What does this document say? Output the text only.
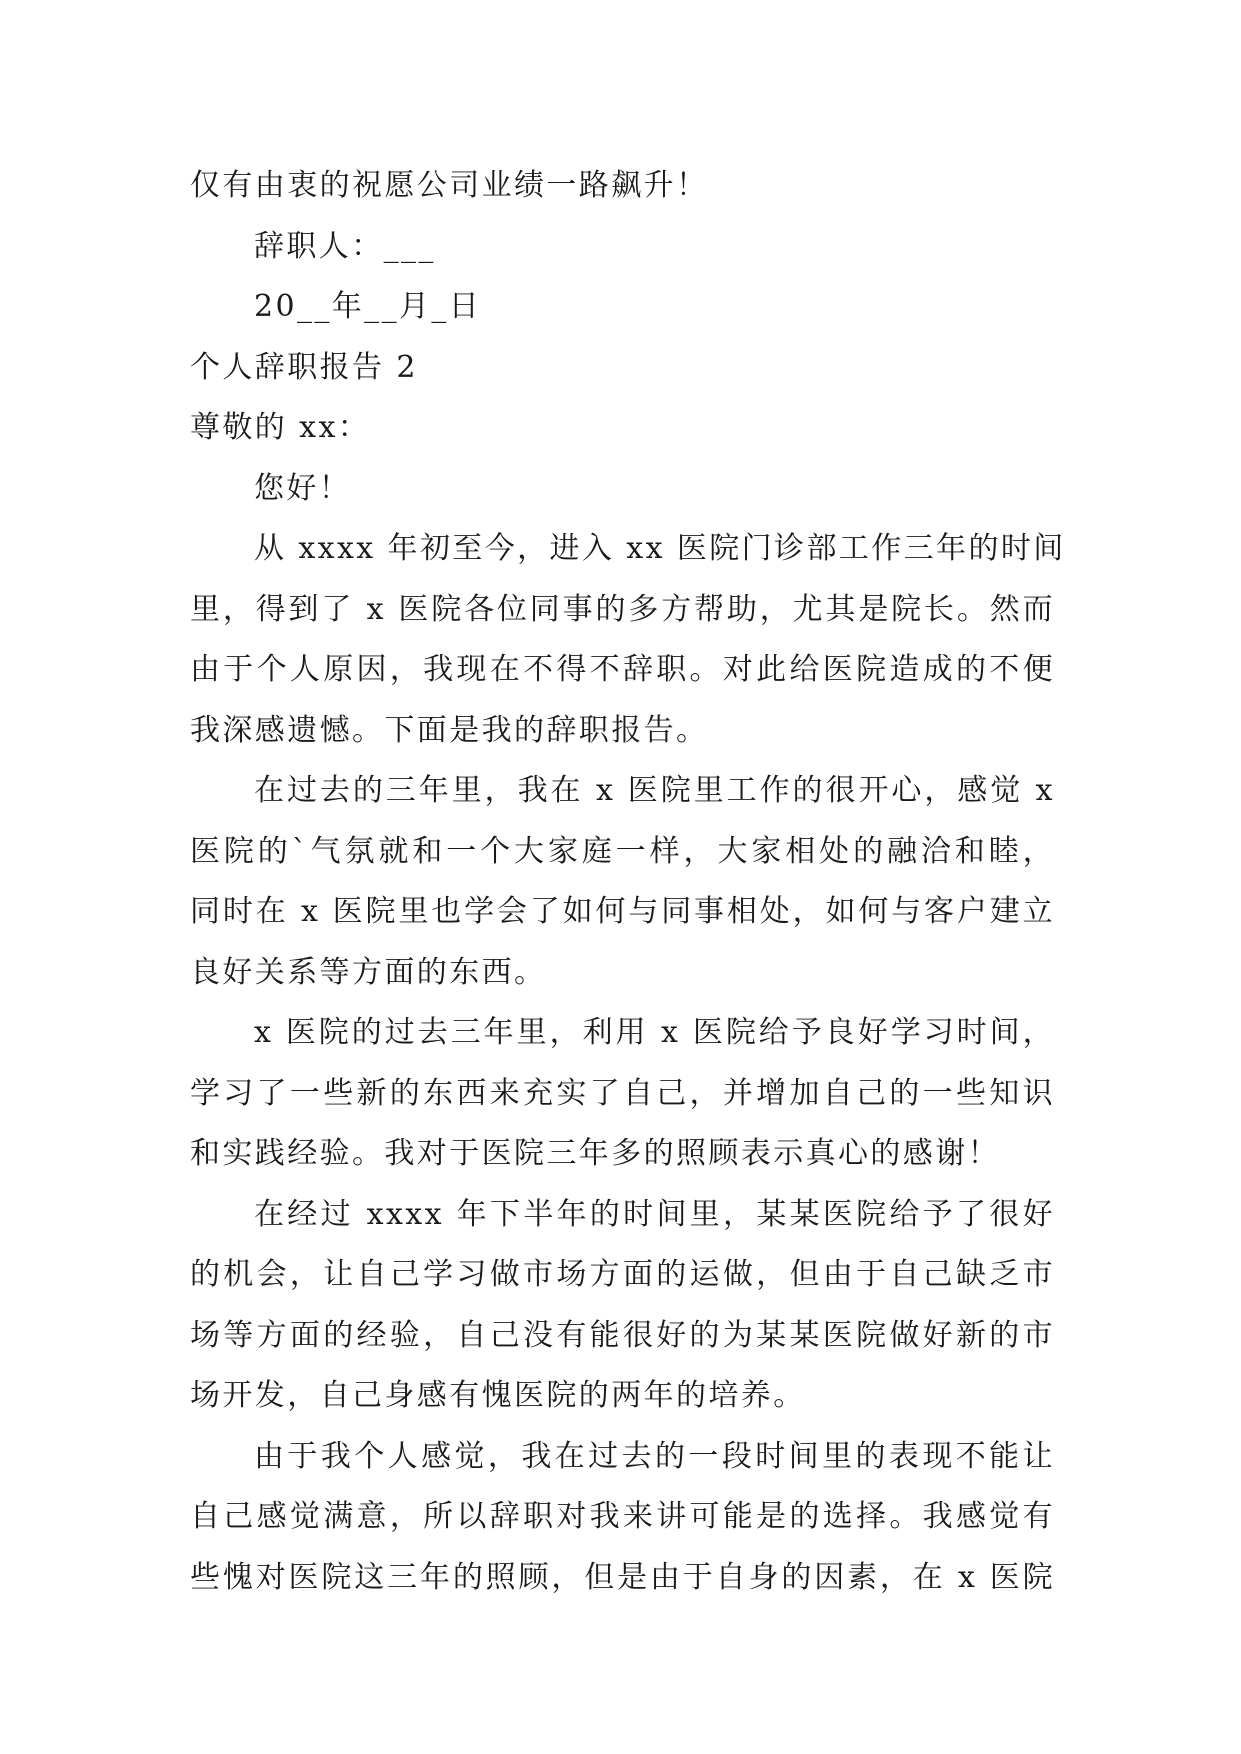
仅有由衷的祝愿公司业绩一路飙升！
辞职人：___
20__年__月_日
个人辞职报告 2
尊敬的 xx：
您好！
从 xxxx 年初至今，进入 xx 医院门诊部工作三年的时间
里，得到了 x 医院各位同事的多方帮助，尤其是院长。然而
由于个人原因，我现在不得不辞职。对此给医院造成的不便
我深感遗憾。下面是我的辞职报告。
在过去的三年里，我在 x 医院里工作的很开心，感觉 x
医院的`气氛就和一个大家庭一样，大家相处的融洽和睦，
同时在 x 医院里也学会了如何与同事相处，如何与客户建立
良好关系等方面的东西。
x 医院的过去三年里，利用 x 医院给予良好学习时间，
学习了一些新的东西来充实了自己，并增加自己的一些知识
和实践经验。我对于医院三年多的照顾表示真心的感谢！
在经过 xxxx 年下半年的时间里，某某医院给予了很好
的机会，让自己学习做市场方面的运做，但由于自己缺乏市
场等方面的经验，自己没有能很好的为某某医院做好新的市
场开发，自己身感有愧医院的两年的培养。
由于我个人感觉，我在过去的一段时间里的表现不能让
自己感觉满意，所以辞职对我来讲可能是的选择。我感觉有
些愧对医院这三年的照顾，但是由于自身的因素，在 x 医院
